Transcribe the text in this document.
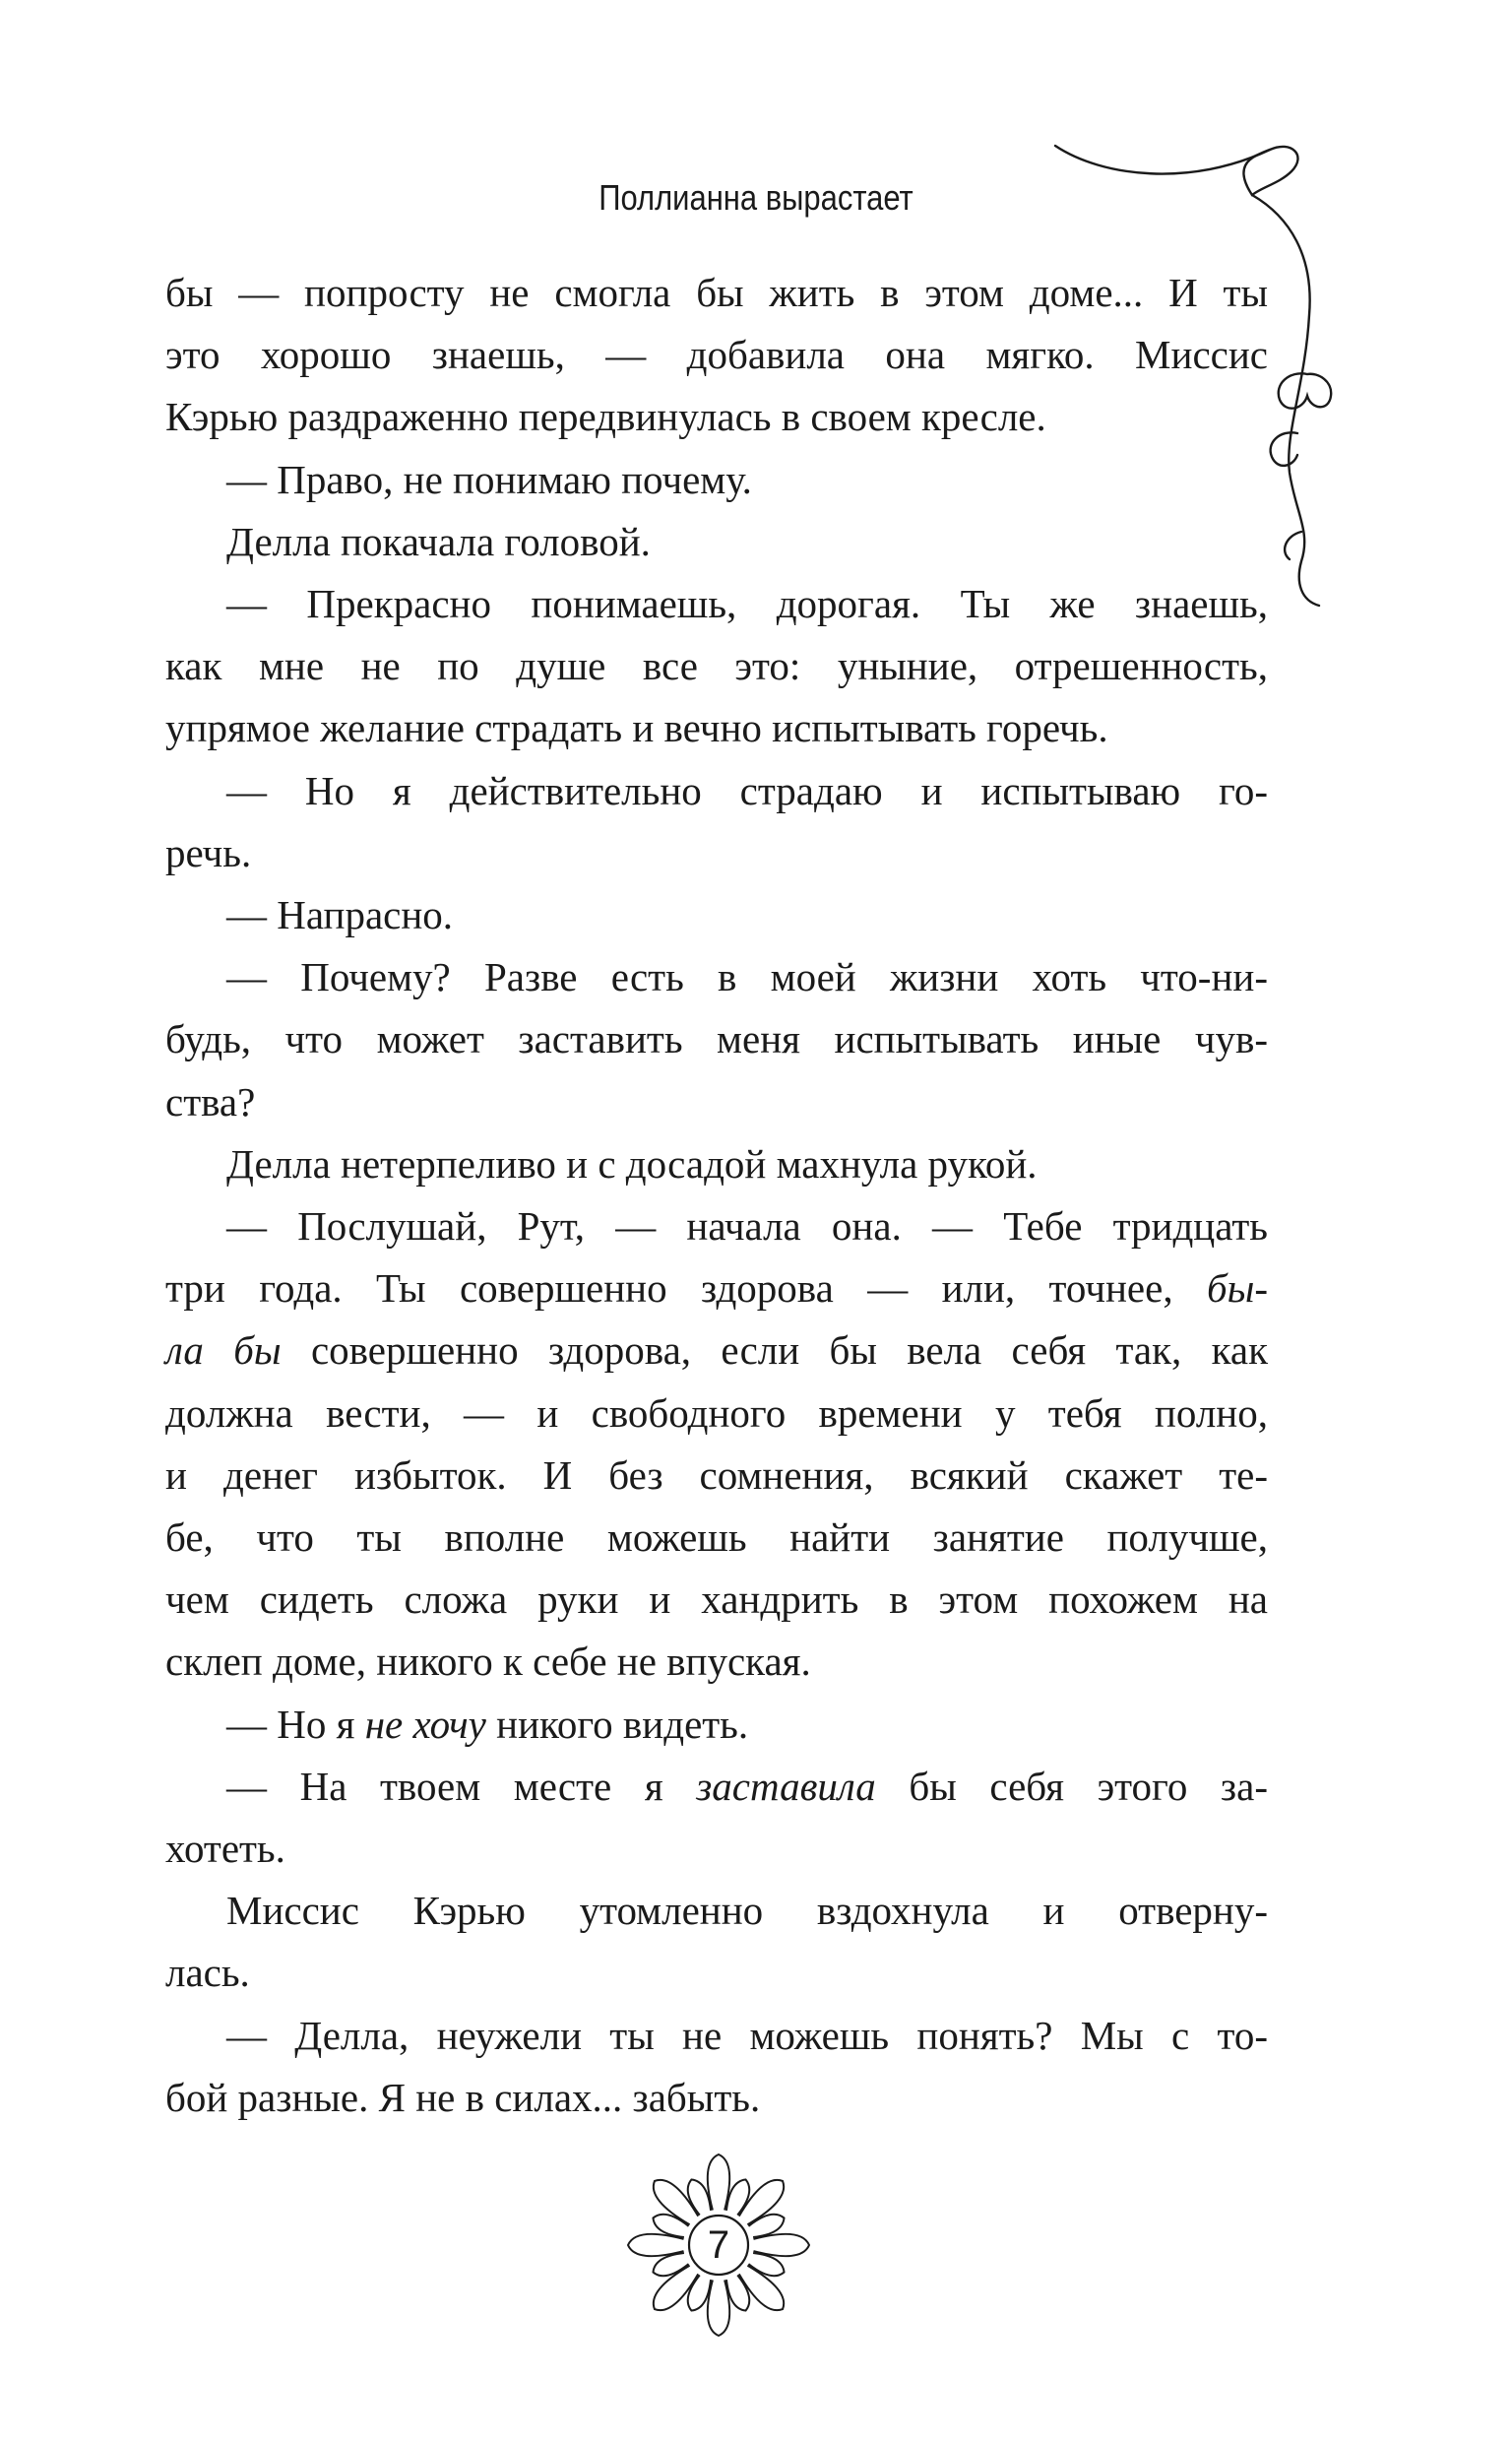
Поллианна вырастает
бы — попросту не смогла бы жить в этом доме... И ты
это хорошо знаешь, — добавила она мягко. Миссис
Кэрью раздраженно передвинулась в своем кресле.
— Право, не понимаю почему.
Делла покачала головой.
— Прекрасно понимаешь, дорогая. Ты же знаешь,
как мне не по душе все это: уныние, отрешенность,
упрямое желание страдать и вечно испытывать горечь.
— Но я действительно страдаю и испытываю го-
речь.
— Напрасно.
— Почему? Разве есть в моей жизни хоть что-ни-
будь, что может заставить меня испытывать иные чув-
ства?
Делла нетерпеливо и с досадой махнула рукой.
— Послушай, Рут, — начала она. — Тебе тридцать
три года. Ты совершенно здорова — или, точнее, бы-
ла бы совершенно здорова, если бы вела себя так, как
должна вести, — и свободного времени у тебя полно,
и денег избыток. И без сомнения, всякий скажет те-
бе, что ты вполне можешь найти занятие получше,
чем сидеть сложа руки и хандрить в этом похожем на
склеп доме, никого к себе не впуская.
— Но я не хочу никого видеть.
— На твоем месте я заставила бы себя этого за-
хотеть.
Миссис Кэрью утомленно вздохнула и отверну-
лась.
— Делла, неужели ты не можешь понять? Мы с то-
бой разные. Я не в силах... забыть.
7
